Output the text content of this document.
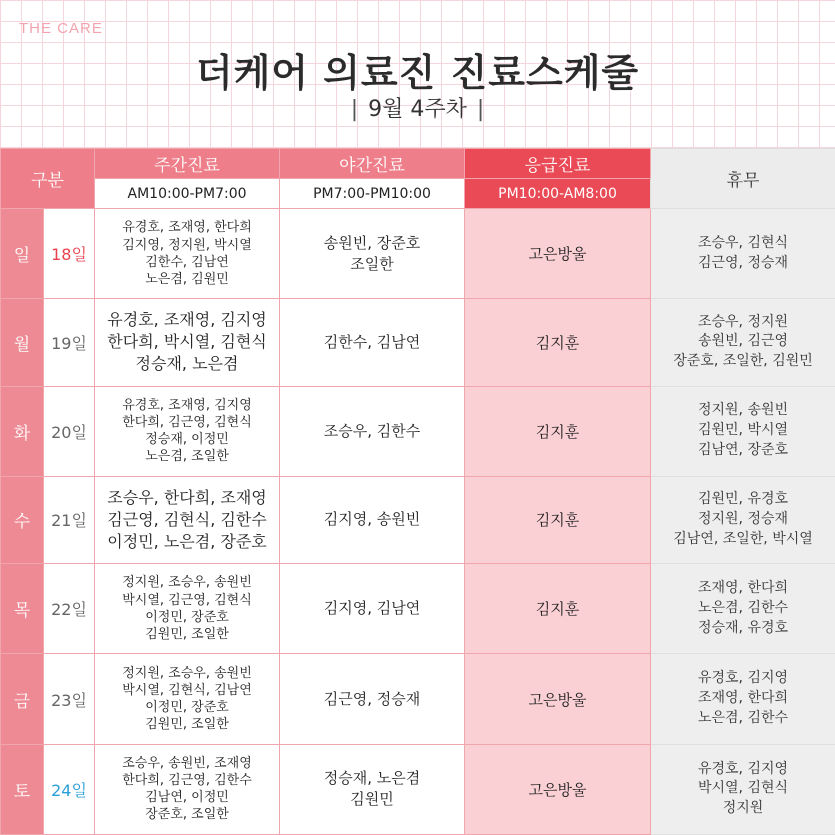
THE CARE
더케어 의료진 진료스케줄
| 9월 4주차 |
구분		주간진료	야간진료	응급진료	휴무
		AM10:00-PM7:00	PM7:00-PM10:00	PM10:00-AM8:00	
일	18일	유경호, 조재영, 한다희
김지영, 정지원, 박시열
김한수, 김남연
노은겸, 김원민	송원빈, 장준호
조일한	고은방울	조승우, 김현식
김근영, 정승재

월	19일	유경호, 조재영, 김지영
한다희, 박시열, 김현식
정승재, 노은겸	김한수, 김남연	김지훈	조승우, 정지원
송원빈, 김근영
장준호, 조일한, 김원민

화	20일	유경호, 조재영, 김지영
한다희, 김근영, 김현식
정승재, 이정민
노은겸, 조일한	조승우, 김한수	김지훈	정지원, 송원빈
김원민, 박시열
김남연, 장준호

수	21일	조승우, 한다희, 조재영
김근영, 김현식, 김한수
이정민, 노은겸, 장준호	김지영, 송원빈	김지훈	김원민, 유경호
정지원, 정승재
김남연, 조일한, 박시열

목	22일	정지원, 조승우, 송원빈
박시열, 김근영, 김현식
이정민, 장준호
김원민, 조일한	김지영, 김남연	김지훈	조재영, 한다희
노은겸, 김한수
정승재, 유경호

금	23일	정지원, 조승우, 송원빈
박시열, 김현식, 김남연
이정민, 장준호
김원민, 조일한	김근영, 정승재	고은방울	유경호, 김지영
조재영, 한다희
노은겸, 김한수

토	24일	조승우, 송원빈, 조재영
한다희, 김근영, 김한수
김남연, 이정민
장준호, 조일한	정승재, 노은겸
김원민	고은방울	유경호, 김지영
박시열, 김현식
정지원
